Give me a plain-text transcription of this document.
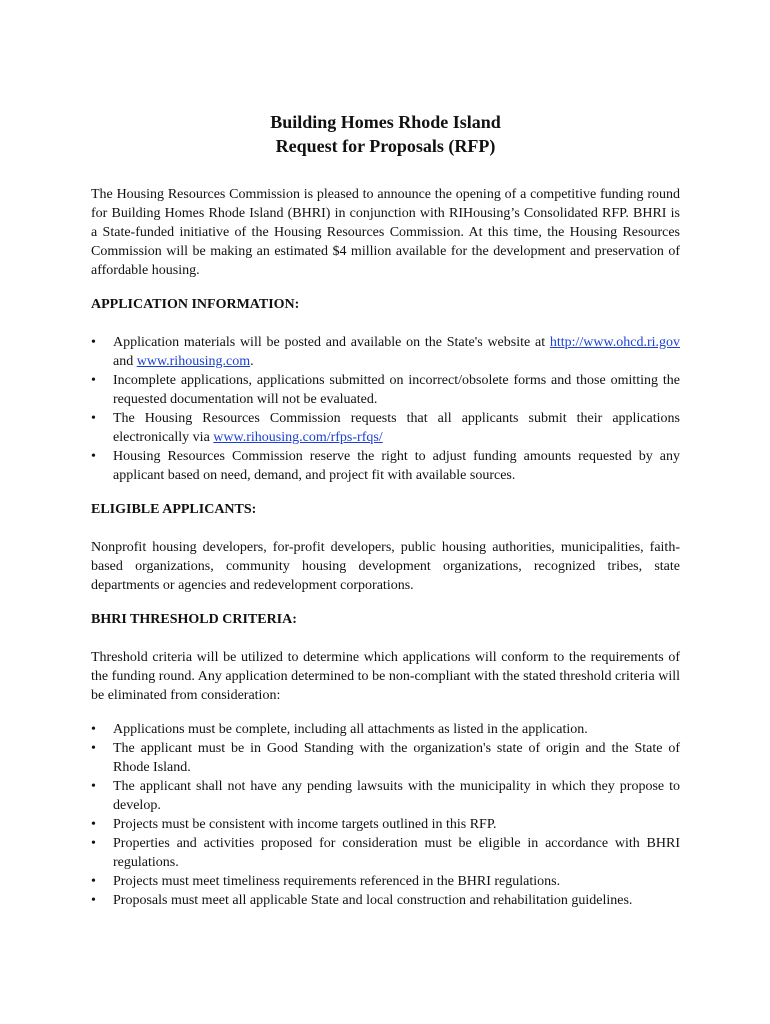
Building Homes Rhode Island
Request for Proposals (RFP)

The Housing Resources Commission is pleased to announce the opening of a competitive funding round for Building Homes Rhode Island (BHRI) in conjunction with RIHousing’s Consolidated RFP. BHRI is a State-funded initiative of the Housing Resources Commission. At this time, the Housing Resources Commission will be making an estimated $4 million available for the development and preservation of affordable housing.

APPLICATION INFORMATION:
•	Application materials will be posted and available on the State's website at http://www.ohcd.ri.gov and www.rihousing.com.
•	Incomplete applications, applications submitted on incorrect/obsolete forms and those omitting the requested documentation will not be evaluated.
•	The Housing Resources Commission requests that all applicants submit their applications electronically via www.rihousing.com/rfps-rfqs/
•	Housing Resources Commission reserve the right to adjust funding amounts requested by any applicant based on need, demand, and project fit with available sources.
ELIGIBLE APPLICANTS:

Nonprofit housing developers, for-profit developers, public housing authorities, municipalities, faith-based organizations, community housing development organizations, recognized tribes, state departments or agencies and redevelopment corporations.

BHRI THRESHOLD CRITERIA:

Threshold criteria will be utilized to determine which applications will conform to the requirements of the funding round. Any application determined to be non-compliant with the stated threshold criteria will be eliminated from consideration:

•	Applications must be complete, including all attachments as listed in the application.
•	The applicant must be in Good Standing with the organization's state of origin and the State of Rhode Island.
•	The applicant shall not have any pending lawsuits with the municipality in which they propose to develop.
•	Projects must be consistent with income targets outlined in this RFP.
•	Properties and activities proposed for consideration must be eligible in accordance with BHRI regulations.
•	Projects must meet timeliness requirements referenced in the BHRI regulations.
•	Proposals must meet all applicable State and local construction and rehabilitation guidelines.
